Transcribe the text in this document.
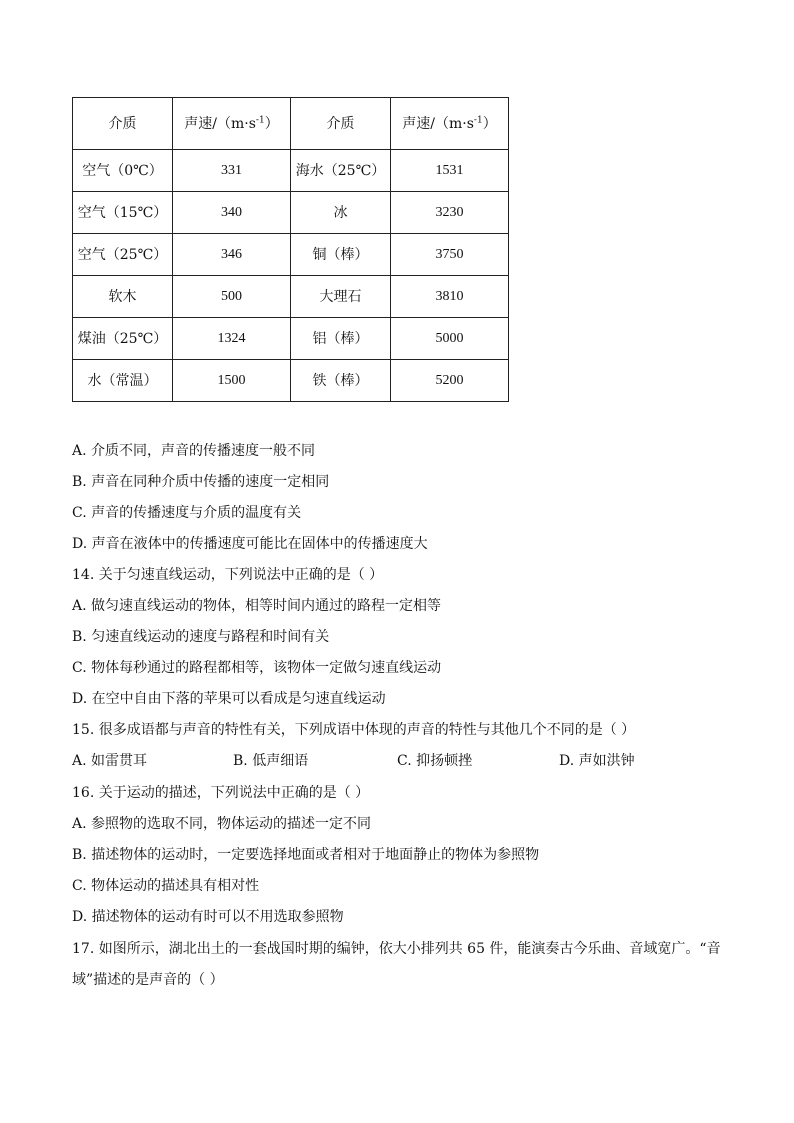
介质	声速$/(m\cdot s^{-1})$	介质	声速$/(m\cdot s^{-1})$
空气（0℃）	331	海水（25℃）	1531
空气（15℃）	340	冰	3230
空气（25℃）	346	铜（棒）	3750
软木	500	大理石	3810
煤油（25℃）	1324	铝（棒）	5000
水（常温）	1500	铁（棒）	5200
A. 介质不同，声音的传播速度一般不同
B. 声音在同种介质中传播的速度一定相同
C. 声音的传播速度与介质的温度有关
D. 声音在液体中的传播速度可能比在固体中的传播速度大
14. 关于匀速直线运动，下列说法中正确的是（ ）
A. 做匀速直线运动的物体，相等时间内通过的路程一定相等
B. 匀速直线运动的速度与路程和时间有关
C. 物体每秒通过的路程都相等，该物体一定做匀速直线运动
D. 在空中自由下落的苹果可以看成是匀速直线运动
15. 很多成语都与声音的特性有关，下列成语中体现的声音的特性与其他几个不同的是（ ）
A. 如雷贯耳	B. 低声细语	C. 抑扬顿挫	D. 声如洪钟
16. 关于运动的描述，下列说法中正确的是（ ）
A. 参照物的选取不同，物体运动的描述一定不同
B. 描述物体的运动时，一定要选择地面或者相对于地面静止的物体为参照物
C. 物体运动的描述具有相对性
D. 描述物体的运动有时可以不用选取参照物
17. 如图所示，湖北出土的一套战国时期的编钟，依大小排列共 65 件，能演奏古今乐曲、音域宽广。“音
域”描述的是声音的（ ）
